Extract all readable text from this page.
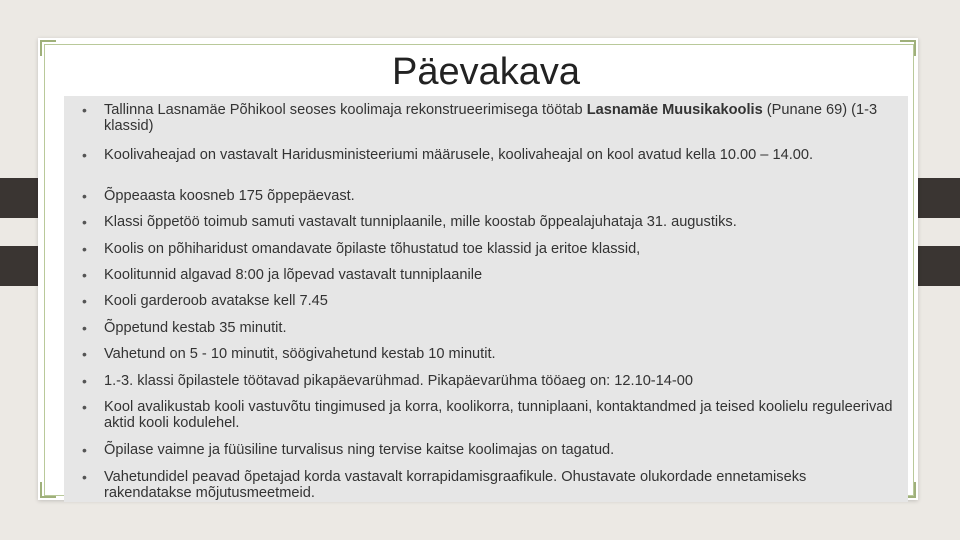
Päevakava
• Tallinna Lasnamäe Põhikool seoses koolimaja rekonstrueerimisega töötab Lasnamäe Muusikakoolis (Punane 69) (1-3 klassid)
• Koolivaheajad on vastavalt Haridusministeeriumi määrusele, koolivaheajal on kool avatud kella 10.00 – 14.00.
• Õppeaasta koosneb 175 õppepäevast.
• Klassi õppetöö toimub samuti vastavalt tunniplaanile, mille koostab õppealajuhataja 31. augustiks.
• Koolis on põhiharidust omandavate õpilaste tõhustatud toe klassid ja eritoe klassid,
• Koolitunnid algavad 8:00 ja lõpevad vastavalt tunniplaanile
• Kooli garderoob avatakse kell 7.45
• Õppetund kestab 35 minutit.
• Vahetund on 5 - 10 minutit, söögivahetund kestab 10 minutit.
• 1.-3. klassi õpilastele töötavad pikapäevarühmad. Pikapäevarühma tööaeg on: 12.10-14-00
• Kool avalikustab kooli vastuvõtu tingimused ja korra, koolikorra, tunniplaani, kontaktandmed ja teised koolielu reguleerivad aktid kooli kodulehel.
• Õpilase vaimne ja füüsiline turvalisus ning tervise kaitse koolimajas on tagatud.
• Vahetundidel peavad õpetajad korda vastavalt korrapidamisgraafikule. Ohustavate olukordade ennetamiseks rakendatakse mõjutusmeetmeid.
